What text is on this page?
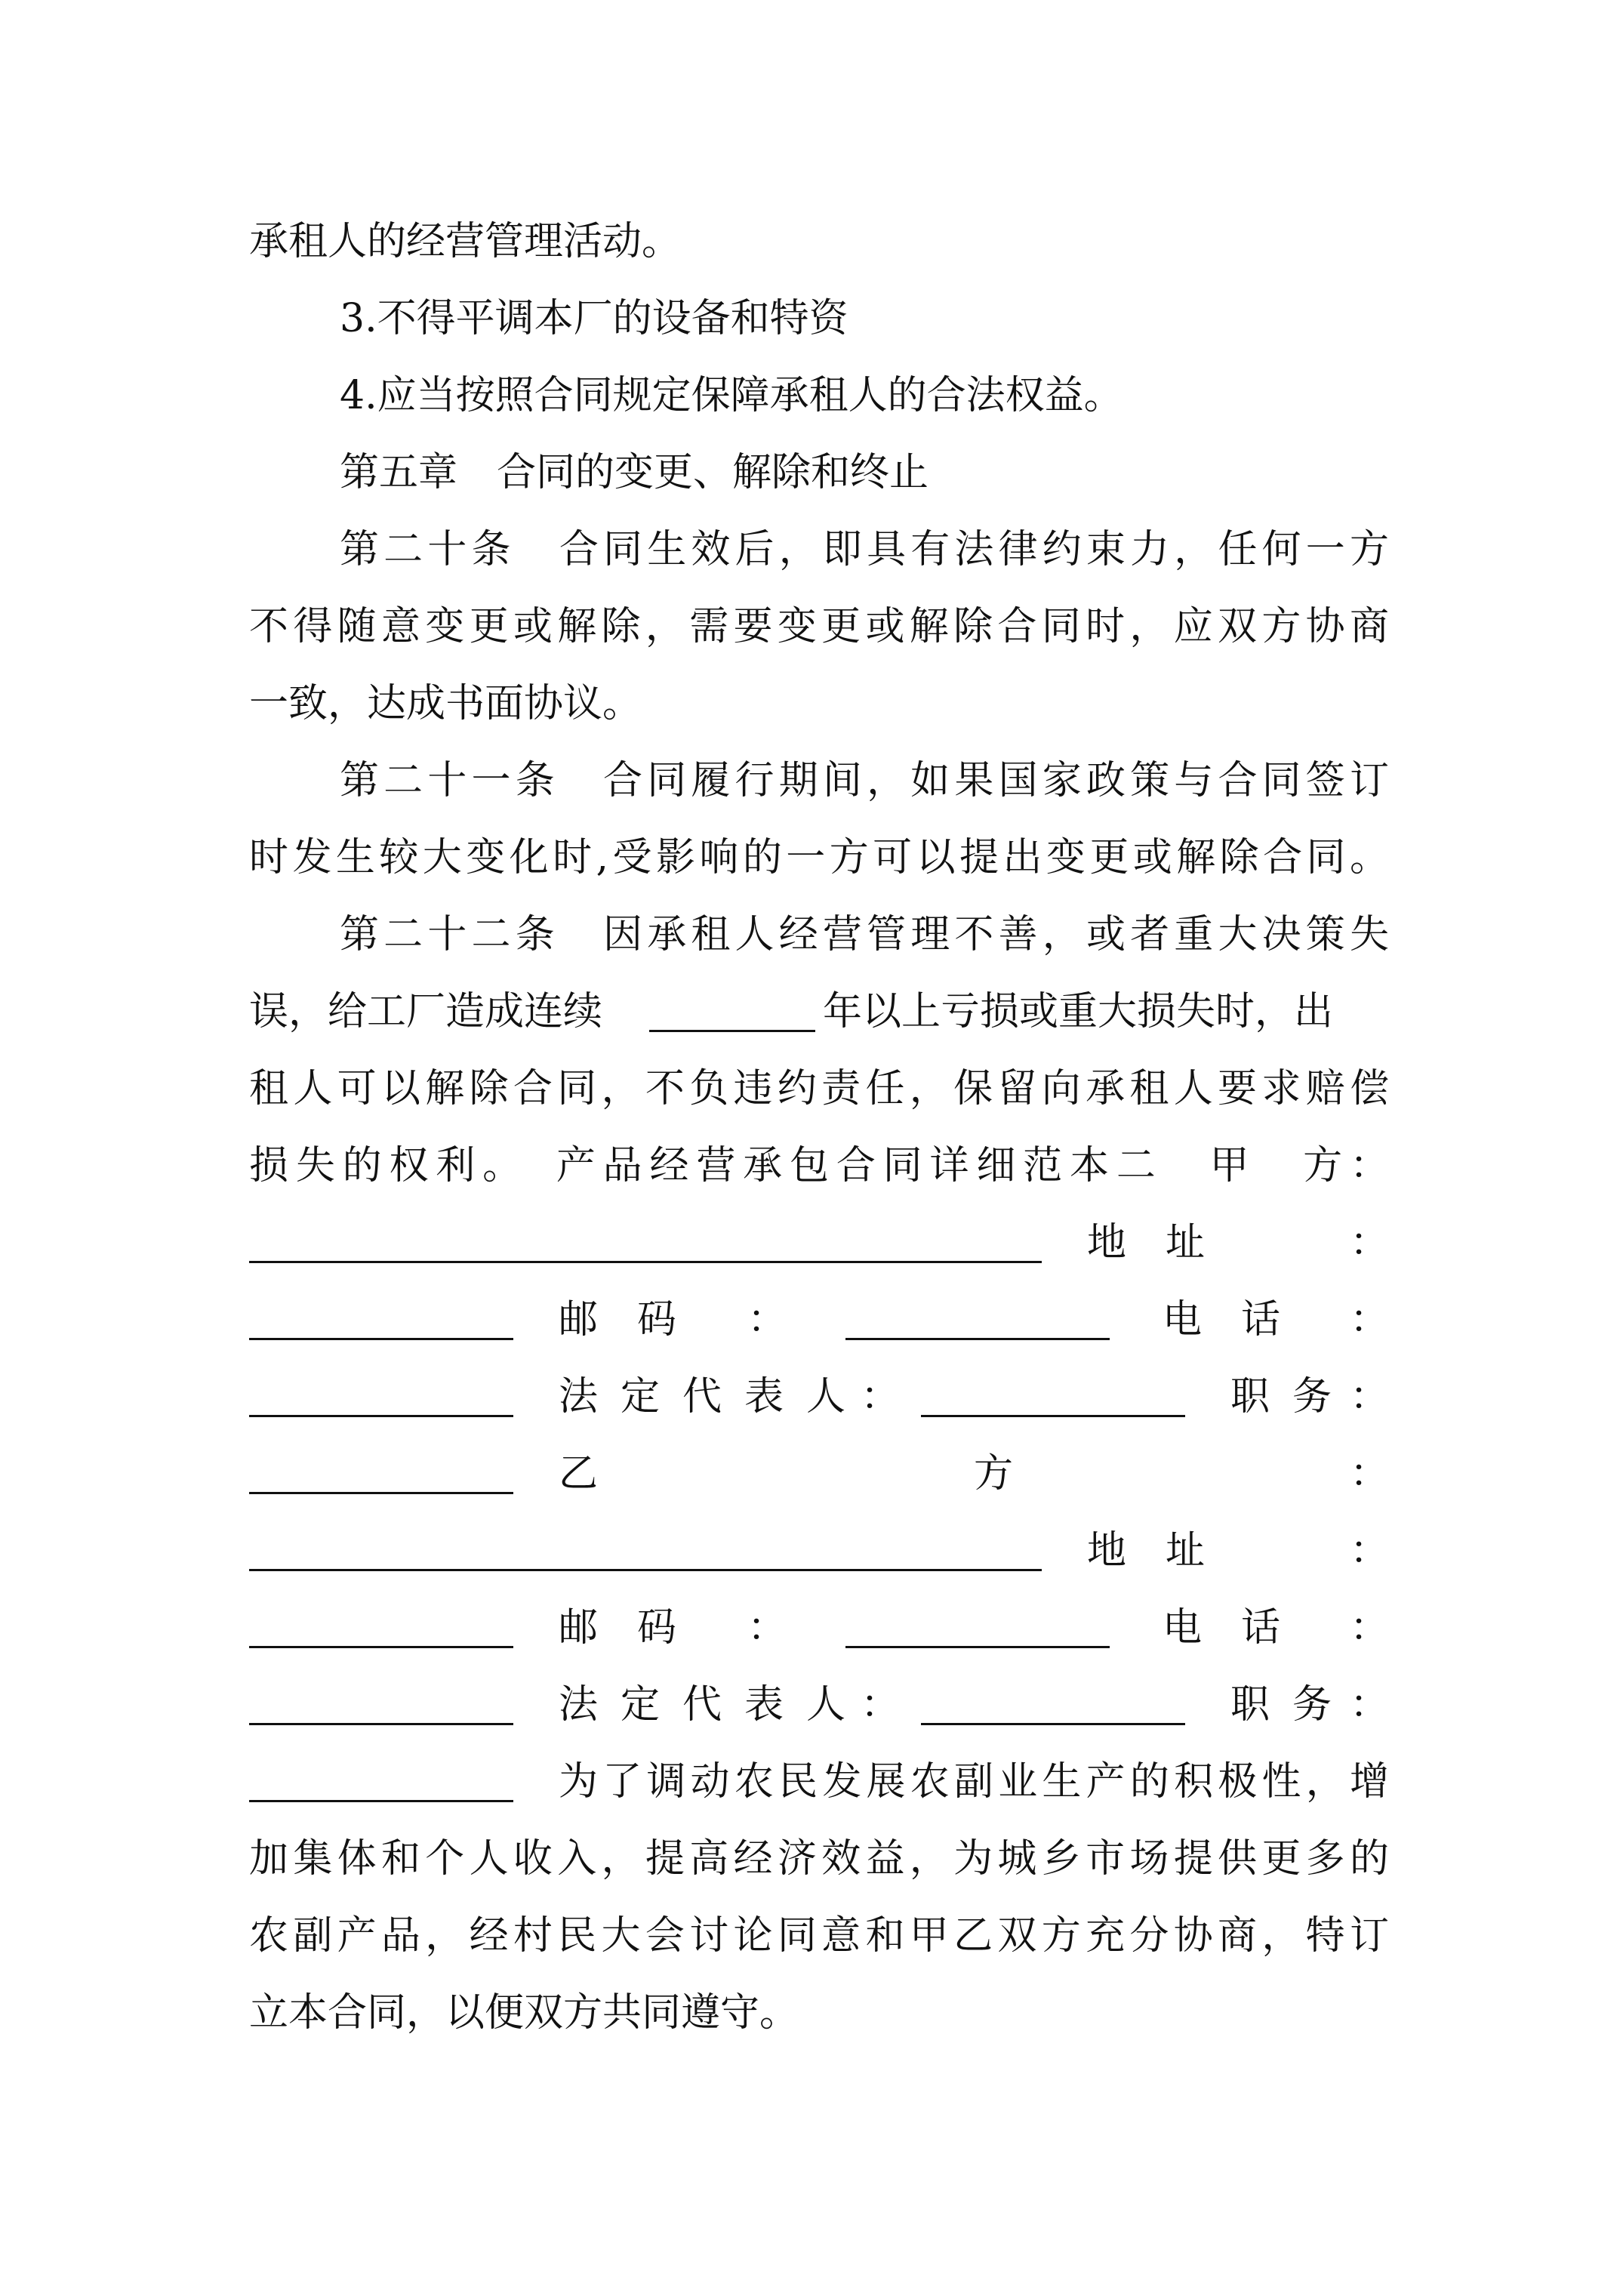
承租人的经营管理活动。
3.不得平调本厂的设备和特资
4.应当按照合同规定保障承租人的合法权益。
第五章　合同的变更、解除和终止
第二十条　合同生效后，即具有法律约束力，任何一方
不得随意变更或解除，需要变更或解除合同时，应双方协商
一致，达成书面协议。
第二十一条　合同履行期间，如果国家政策与合同签订
时发生较大变化时,受影响的一方可以提出变更或解除合同。
第二十二条　因承租人经营管理不善，或者重大决策失
误，给工厂造成连续	年以上亏损或重大损失时，出
租人可以解除合同，不负违约责任，保留向承租人要求赔偿
损失的权利。　产品经营承包合同详细范本二　甲　方：
地　址	：
邮　码 ：	电　话 ：
法定代表人
：	职务
：
乙	方	：
地　址	：
邮　码 ：	电　话 ：
法定代表人
：	职务
：
为了调动农民发展农副业生产的积极性，增
加集体和个人收入，提高经济效益，为城乡市场提供更多的
农副产品，经村民大会讨论同意和甲乙双方充分协商，特订
立本合同，以便双方共同遵守。
